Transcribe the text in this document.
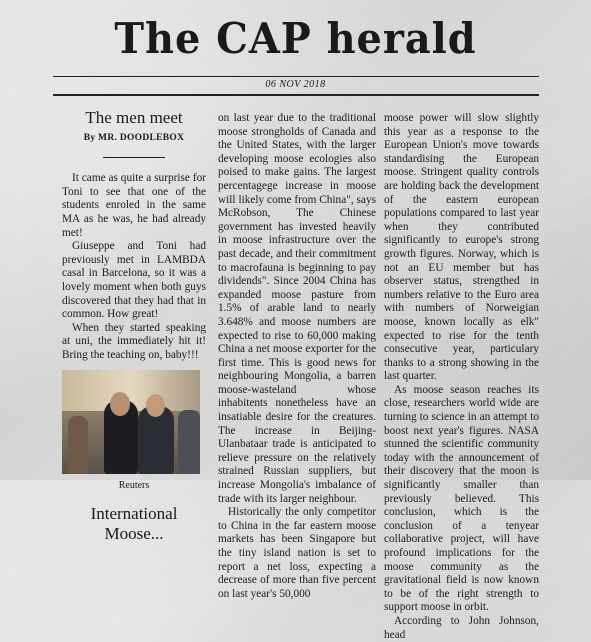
The CAP herald
06 NOV 2018
The men meet
By MR. DOODLEBOX

It came as quite a surprise for Toni to see that one of the students enroled in the same MA as he was, he had already met!

Giuseppe and Toni had previously met in LAMBDA casal in Barcelona, so it was a lovely moment when both guys discovered that they had that in common. How great!

When they started speaking at uni, the immediately hit it! Bring the teaching on, baby!!!

Reuters
International Moose...

on last year due to the traditional moose strongholds of Canada and the United States, with the larger developing moose ecologies also poised to make gains. The largest percentagege increase in moose will likely come from China", says McRobson, The Chinese government has invested heavily in moose infrastructure over the past decade, and their commitment to macrofauna is beginning to pay dividends". Since 2004 China has expanded moose pasture from 1.5% of arable land to nearly 3.648% and moose numbers are expected to rise to 60,000 making China a net moose exporter for the first time. This is good news for neighbouring Mongolia, a barren moose-wasteland whose inhabitents nonetheless have an insatiable desire for the creatures. The increase in Beijing-Ulanbataar trade is anticipated to relieve pressure on the relatively strained Russian suppliers, but increase Mongolia's imbalance of trade with its larger neighbour.

Historically the only competitor to China in the far eastern moose markets has been Singapore but the tiny island nation is set to report a net loss, expecting a decrease of more than five percent on last year's 50,000

moose power will slow slightly this year as a response to the European Union's move towards standardising the European moose. Stringent quality controls are holding back the development of the eastern european populations compared to last year when they contributed significantly to europe's strong growth figures. Norway, which is not an EU member but has observer status, strengthed in numbers relative to the Euro area with numbers of Norweigian moose, known locally as elk" expected to rise for the tenth consecutive year, particulary thanks to a strong showing in the last quarter.

As moose season reaches its close, researchers world wide are turning to science in an attempt to boost next year's figures. NASA stunned the scientific community today with the announcement of their discovery that the moon is significantly smaller than previously believed. This conclusion, which is the conclusion of a tenyear collaborative project, will have profound implications for the moose community as the gravitational field is now known to be of the right strength to support moose in orbit.

According to John Johnson, head
